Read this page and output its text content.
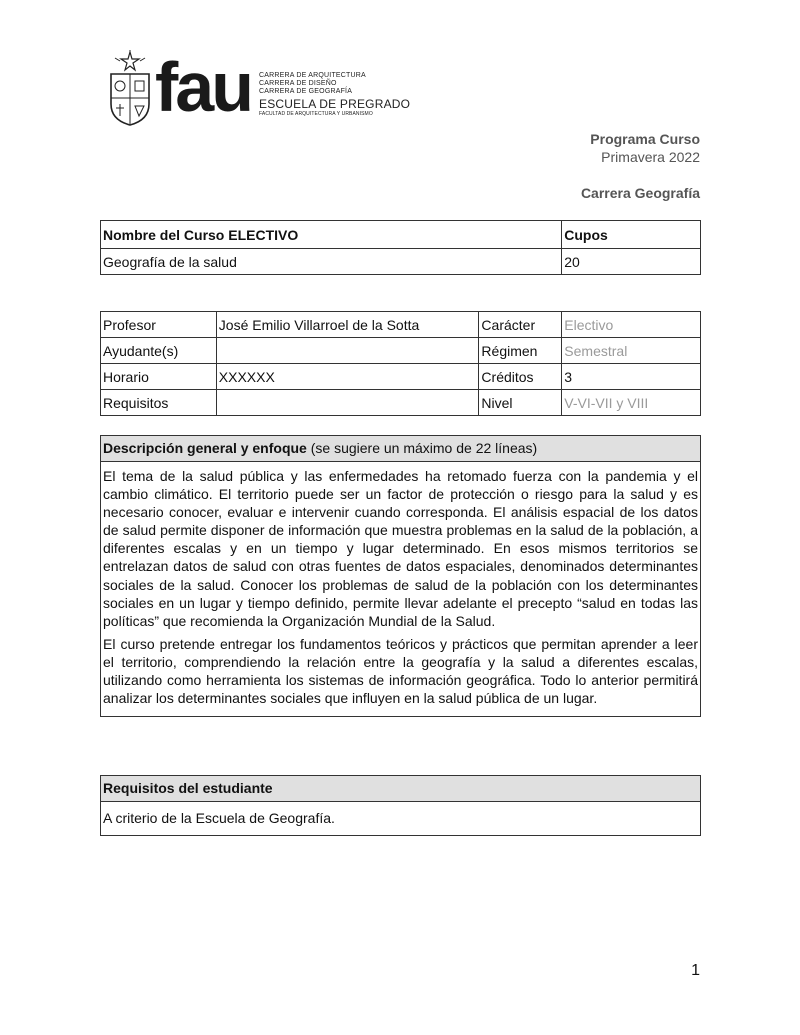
fau CARRERA DE ARQUITECTURA
CARRERA DE DISEÑO
CARRERA DE GEOGRAFÍA
ESCUELA DE PREGRADO
FACULTAD DE ARQUITECTURA Y URBANISMO
Programa Curso
Primavera 2022
Carrera Geografía
Nombre del Curso ELECTIVO	Cupos
Geografía de la salud	20
Profesor	José Emilio Villarroel de la Sotta	Carácter	Electivo
Ayudante(s)		Régimen	Semestral
Horario	XXXXXX	Créditos	3
Requisitos		Nivel	V-VI-VII y VIII
Descripción general y enfoque (se sugiere un máximo de 22 líneas)

El tema de la salud pública y las enfermedades ha retomado fuerza con la pandemia y el cambio climático. El territorio puede ser un factor de protección o riesgo para la salud y es necesario conocer, evaluar e intervenir cuando corresponda. El análisis espacial de los datos de salud permite disponer de información que muestra problemas en la salud de la población, a diferentes escalas y en un tiempo y lugar determinado. En esos mismos territorios se entrelazan datos de salud con otras fuentes de datos espaciales, denominados determinantes sociales de la salud. Conocer los problemas de salud de la población con los determinantes sociales en un lugar y tiempo definido, permite llevar adelante el precepto “salud en todas las políticas” que recomienda la Organización Mundial de la Salud.

El curso pretende entregar los fundamentos teóricos y prácticos que permitan aprender a leer el territorio, comprendiendo la relación entre la geografía y la salud a diferentes escalas, utilizando como herramienta los sistemas de información geográfica. Todo lo anterior permitirá analizar los determinantes sociales que influyen en la salud pública de un lugar.

Requisitos del estudiante
A criterio de la Escuela de Geografía.
1
